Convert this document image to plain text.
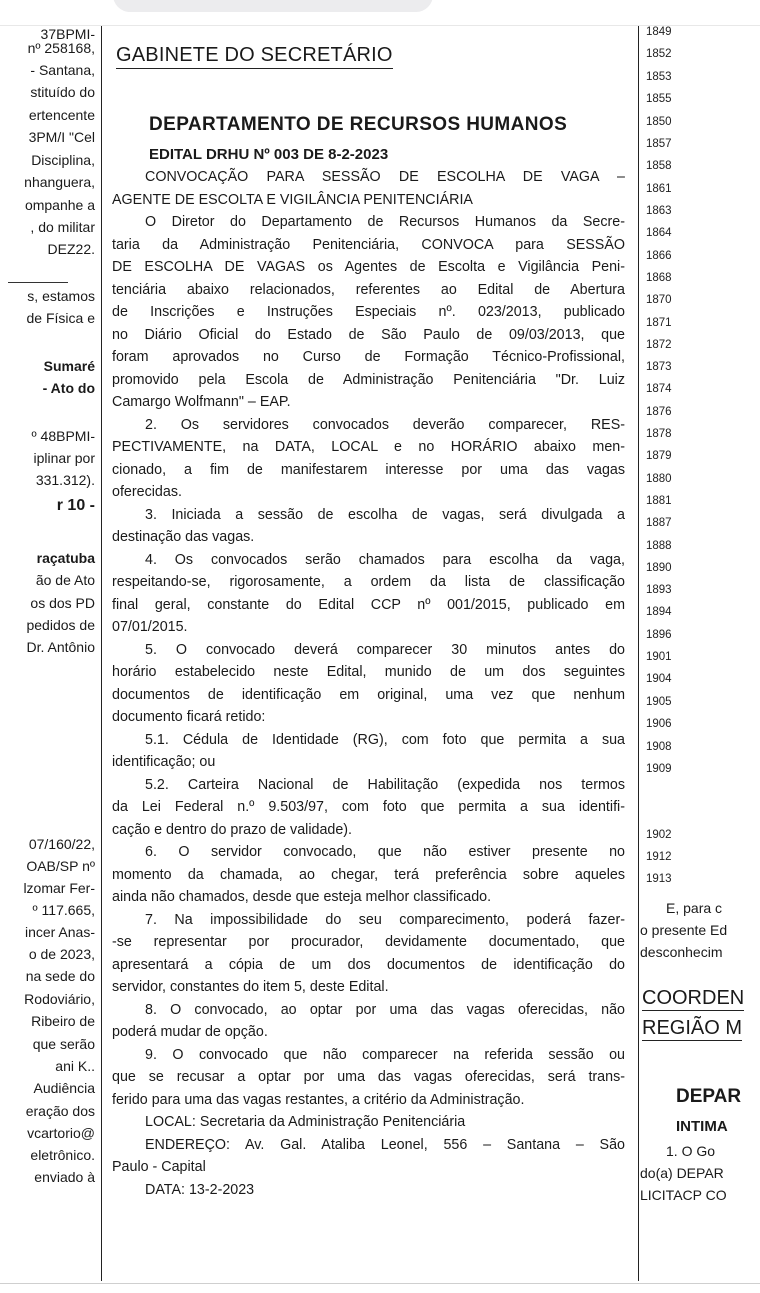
37BPMI-
nº 258168,
- Santana,
stituído do
ertencente
3PM/I "Cel
Disciplina,
nhanguera,
ompanhe a
, do militar
DEZ22.
s, estamos
de Física e
Sumaré
- Ato do
º 48BPMI-
iplinar por
331.312).
r 10 -
raçatuba
ão de Ato
os dos PD
pedidos de
Dr. Antônio
07/160/22,
OAB/SP nº
lzomar Fer-
º 117.665,
incer Anas-
o de 2023,
na sede do
Rodoviário,
Ribeiro de
que serão
ani K..
Audiência
eração dos
vcartorio@
eletrônico.
enviado à
GABINETE DO SECRETÁRIO
DEPARTAMENTO DE RECURSOS HUMANOS
EDITAL DRHU Nº 003 DE 8-2-2023
CONVOCAÇÃO PARA SESSÃO DE ESCOLHA DE VAGA –
AGENTE DE ESCOLTA E VIGILÂNCIA PENITENCIÁRIA
O Diretor do Departamento de Recursos Humanos da Secre-
taria da Administração Penitenciária, CONVOCA para SESSÃO
DE ESCOLHA DE VAGAS os Agentes de Escolta e Vigilância Peni-
tenciária abaixo relacionados, referentes ao Edital de Abertura
de Inscrições e Instruções Especiais nº. 023/2013, publicado
no Diário Oficial do Estado de São Paulo de 09/03/2013, que
foram aprovados no Curso de Formação Técnico-Profissional,
promovido pela Escola de Administração Penitenciária "Dr. Luiz
Camargo Wolfmann" – EAP.
2. Os servidores convocados deverão comparecer, RES-
PECTIVAMENTE, na DATA, LOCAL e no HORÁRIO abaixo men-
cionado, a fim de manifestarem interesse por uma das vagas
oferecidas.
3. Iniciada a sessão de escolha de vagas, será divulgada a
destinação das vagas.
4. Os convocados serão chamados para escolha da vaga,
respeitando-se, rigorosamente, a ordem da lista de classificação
final geral, constante do Edital CCP nº 001/2015, publicado em
07/01/2015.
5. O convocado deverá comparecer 30 minutos antes do
horário estabelecido neste Edital, munido de um dos seguintes
documentos de identificação em original, uma vez que nenhum
documento ficará retido:
5.1. Cédula de Identidade (RG), com foto que permita a sua
identificação; ou
5.2. Carteira Nacional de Habilitação (expedida nos termos
da Lei Federal n.º 9.503/97, com foto que permita a sua identifi-
cação e dentro do prazo de validade).
6. O servidor convocado, que não estiver presente no
momento da chamada, ao chegar, terá preferência sobre aqueles
ainda não chamados, desde que esteja melhor classificado.
7. Na impossibilidade do seu comparecimento, poderá fazer-
-se representar por procurador, devidamente documentado, que
apresentará a cópia de um dos documentos de identificação do
servidor, constantes do item 5, deste Edital.
8. O convocado, ao optar por uma das vagas oferecidas, não
poderá mudar de opção.
9. O convocado que não comparecer na referida sessão ou
que se recusar a optar por uma das vagas oferecidas, será trans-
ferido para uma das vagas restantes, a critério da Administração.
LOCAL: Secretaria da Administração Penitenciária
ENDEREÇO: Av. Gal. Ataliba Leonel, 556 – Santana – São
Paulo - Capital
DATA: 13-2-2023
1849
1852
1853
1855
1850
1857
1858
1861
1863
1864
1866
1868
1870
1871
1872
1873
1874
1876
1878
1879
1880
1881
1887
1888
1890
1893
1894
1896
1901
1904
1905
1906
1908
1909
1902
1912
1913
E, para c
o presente Ed
desconhecim
COORDEN
REGIÃO M
DEPAR
INTIMA
1. O Go
do(a) DEPAR
LICITACP CO
